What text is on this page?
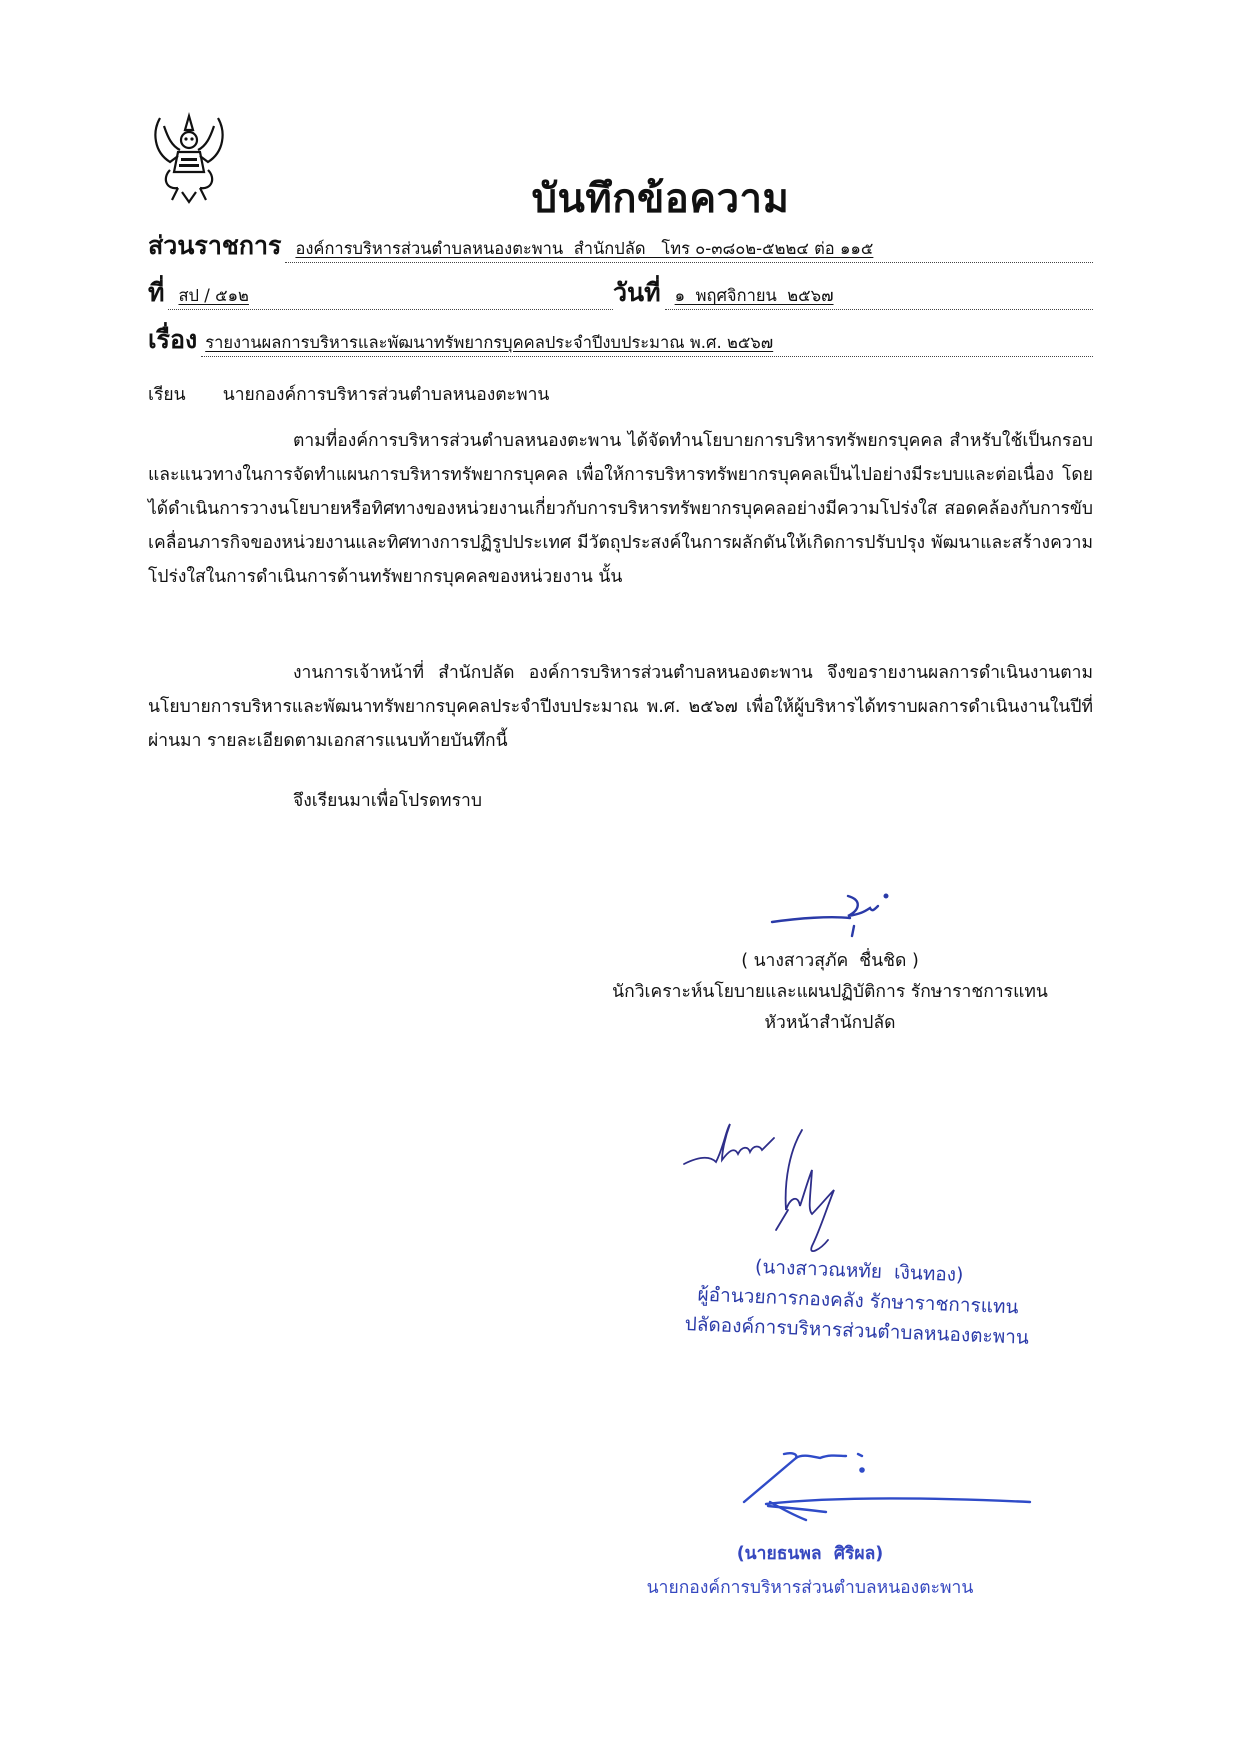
บันทึกข้อความ
ส่วนราชการ องค์การบริหารส่วนตำบลหนองตะพาน  สำนักปลัด   โทร ๐-๓๘๐๒-๕๒๒๔ ต่อ ๑๑๕
ที่ สป / ๕๑๒	วันที่ ๑  พฤศจิกายน  ๒๕๖๗
เรื่อง รายงานผลการบริหารและพัฒนาทรัพยากรบุคคลประจำปีงบประมาณ พ.ศ. ๒๕๖๗
เรียน นายกองค์การบริหารส่วนตำบลหนองตะพาน
ตามที่องค์การบริหารส่วนตำบลหนองตะพาน ได้จัดทำนโยบายการบริหารทรัพยกรบุคคล สำหรับใช้เป็นกรอบและแนวทางในการจัดทำแผนการบริหารทรัพยากรบุคคล เพื่อให้การบริหารทรัพยากรบุคคลเป็นไปอย่างมีระบบและต่อเนื่อง โดยได้ดำเนินการวางนโยบายหรือทิศทางของหน่วยงานเกี่ยวกับการบริหารทรัพยากรบุคคลอย่างมีความโปร่งใส สอดคล้องกับการขับเคลื่อนภารกิจของหน่วยงานและทิศทางการปฏิรูปประเทศ มีวัตถุประสงค์ในการผลักดันให้เกิดการปรับปรุง พัฒนาและสร้างความโปร่งใสในการดำเนินการด้านทรัพยากรบุคคลของหน่วยงาน นั้น
งานการเจ้าหน้าที่ สำนักปลัด องค์การบริหารส่วนตำบลหนองตะพาน จึงขอรายงานผลการดำเนินงานตามนโยบายการบริหารและพัฒนาทรัพยากรบุคคลประจำปีงบประมาณ พ.ศ. ๒๕๖๗ เพื่อให้ผู้บริหารได้ทราบผลการดำเนินงานในปีที่ผ่านมา รายละเอียดตามเอกสารแนบท้ายบันทึกนี้
จึงเรียนมาเพื่อโปรดทราบ
( นางสาวสุภัค  ชื่นชิด )
นักวิเคราะห์นโยบายและแผนปฏิบัติการ รักษาราชการแทน
หัวหน้าสำนักปลัด
(นางสาวณหทัย  เงินทอง)
ผู้อำนวยการกองคลัง รักษาราชการแทน
ปลัดองค์การบริหารส่วนตำบลหนองตะพาน
(นายธนพล  ศิริผล)
นายกองค์การบริหารส่วนตำบลหนองตะพาน
